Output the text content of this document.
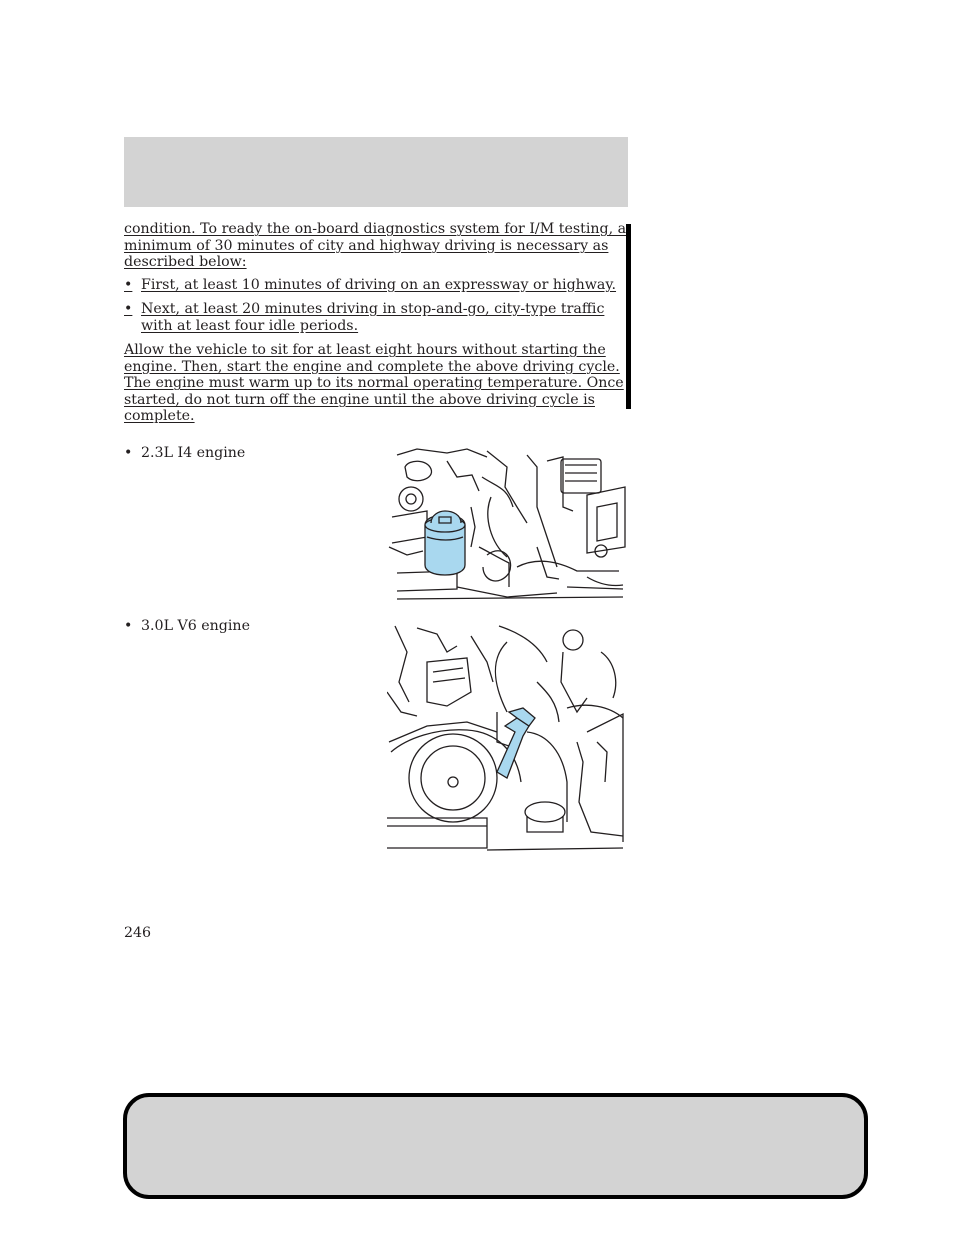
condition. To ready the on-board diagnostics system for I/M testing, a minimum of 30 minutes of city and highway driving is necessary as described below:
• First, at least 10 minutes of driving on an expressway or highway.
• Next, at least 20 minutes driving in stop-and-go, city-type traffic with at least four idle periods.
Allow the vehicle to sit for at least eight hours without starting the engine. Then, start the engine and complete the above driving cycle. The engine must warm up to its normal operating temperature. Once started, do not turn off the engine until the above driving cycle is complete.
• 2.3L I4 engine
• 3.0L V6 engine
246
